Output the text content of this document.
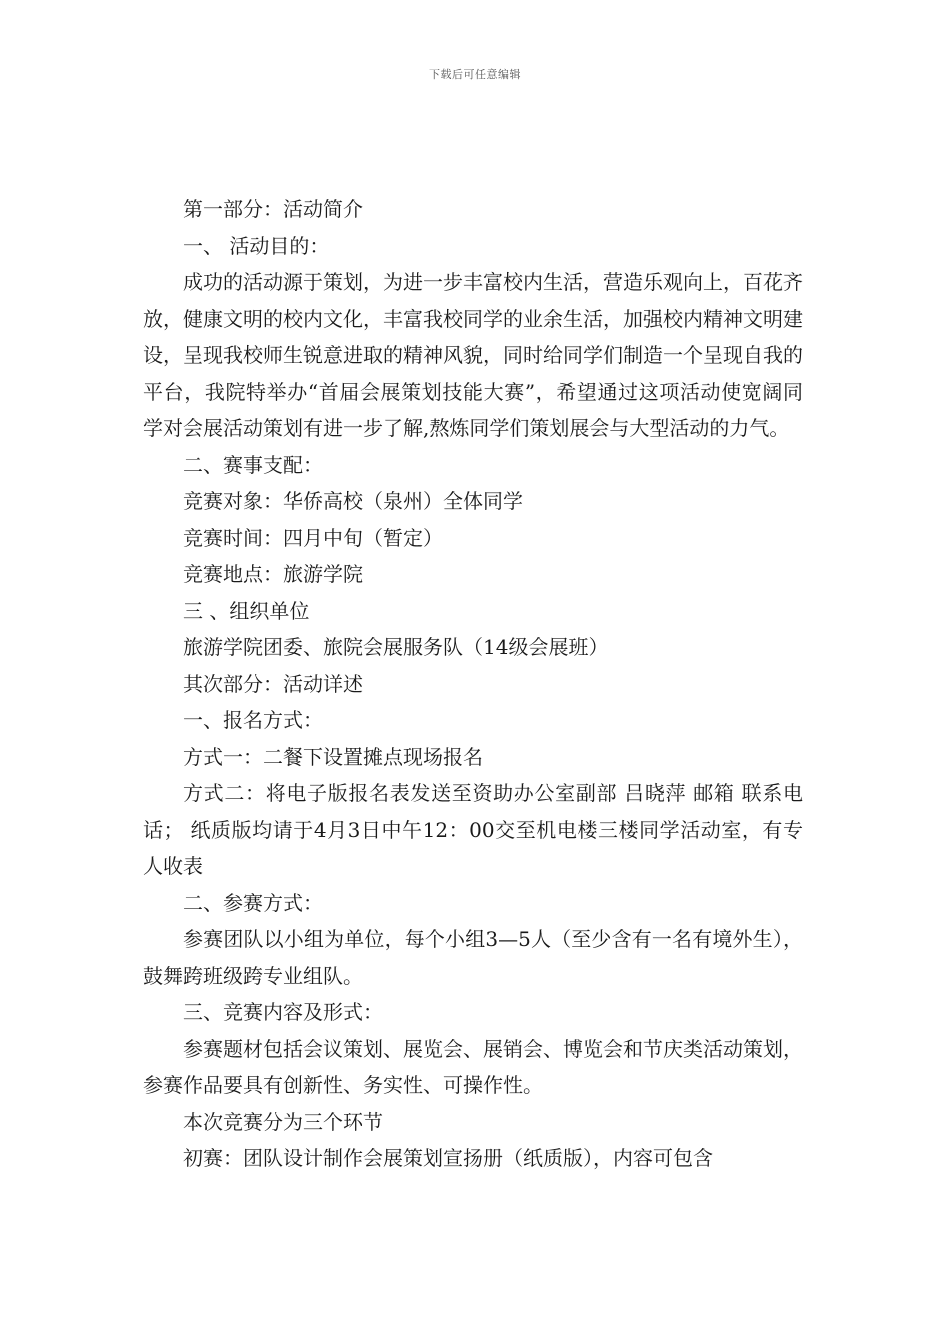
下载后可任意编辑

第一部分：活动简介

一、 活动目的：

成功的活动源于策划，为进一步丰富校内生活，营造乐观向上，百花齐放，健康文明的校内文化，丰富我校同学的业余生活，加强校内精神文明建设，呈现我校师生锐意进取的精神风貌，同时给同学们制造一个呈现自我的平台，我院特举办“首届会展策划技能大赛”，希望通过这项活动使宽阔同学对会展活动策划有进一步了解,熬炼同学们策划展会与大型活动的力气。

二、赛事支配：

竞赛对象：华侨高校（泉州）全体同学

竞赛时间：四月中旬（暂定）

竞赛地点：旅游学院

三 、组织单位

旅游学院团委、旅院会展服务队（14级会展班）

其次部分：活动详述

一、报名方式：

方式一：二餐下设置摊点现场报名

方式二：将电子版报名表发送至资助办公室副部 吕晓萍 邮箱 联系电话； 纸质版均请于4月3日中午12：00交至机电楼三楼同学活动室，有专人收表

二、参赛方式：

参赛团队以小组为单位，每个小组3—5人（至少含有一名有境外生），鼓舞跨班级跨专业组队。

三、竞赛内容及形式：

参赛题材包括会议策划、展览会、展销会、博览会和节庆类活动策划，参赛作品要具有创新性、务实性、可操作性。

本次竞赛分为三个环节

初赛：团队设计制作会展策划宣扬册（纸质版），内容可包含
